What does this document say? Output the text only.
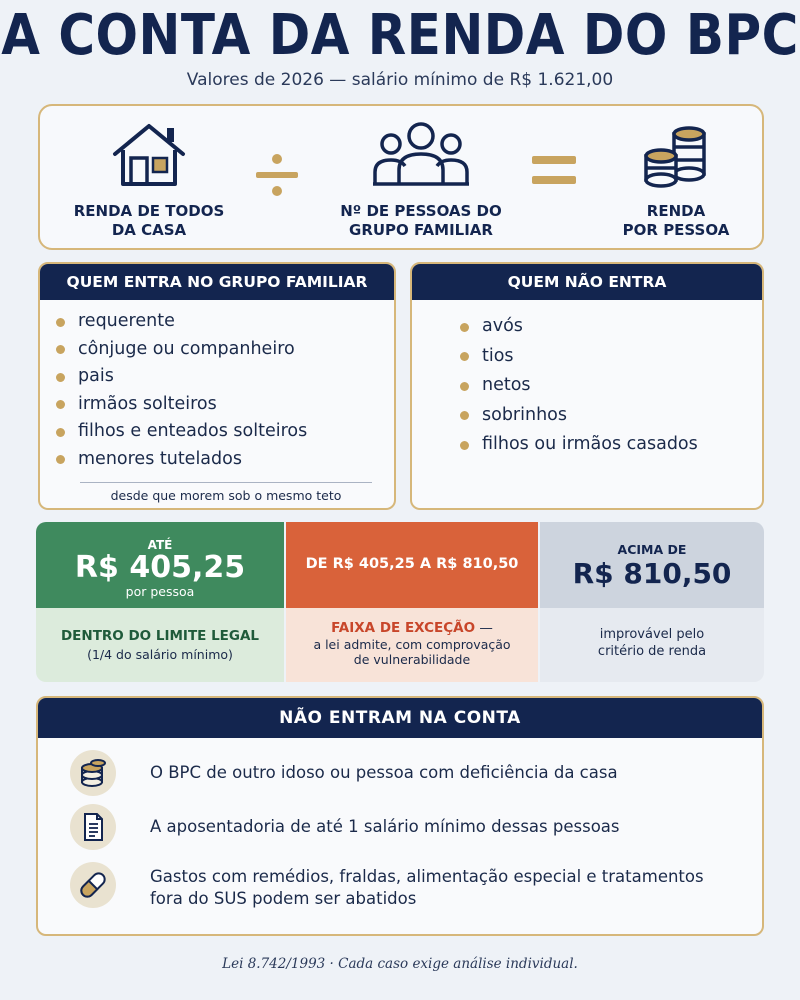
A CONTA DA RENDA DO BPC
Valores de 2026 — salário mínimo de R$ 1.621,00
RENDA DE TODOS
DA CASA
Nº DE PESSOAS DO
GRUPO FAMILIAR
RENDA
POR PESSOA
QUEM ENTRA NO GRUPO FAMILIAR
requerente
cônjuge ou companheiro
pais
irmãos solteiros
filhos e enteados solteiros
menores tutelados
desde que morem sob o mesmo teto
QUEM NÃO ENTRA
avós
tios
netos
sobrinhos
filhos ou irmãos casados
ATÉ
R$ 405,25
por pessoa
DENTRO DO LIMITE LEGAL
(1/4 do salário mínimo)
DE R$ 405,25 A R$ 810,50
FAIXA DE EXCEÇÃO —
a lei admite, com comprovação
de vulnerabilidade
ACIMA DE
R$ 810,50
improvável pelo
critério de renda
NÃO ENTRAM NA CONTA
O BPC de outro idoso ou pessoa com deficiência da casa
A aposentadoria de até 1 salário mínimo dessas pessoas
Gastos com remédios, fraldas, alimentação especial e tratamentos
fora do SUS podem ser abatidos
Lei 8.742/1993 · Cada caso exige análise individual.
